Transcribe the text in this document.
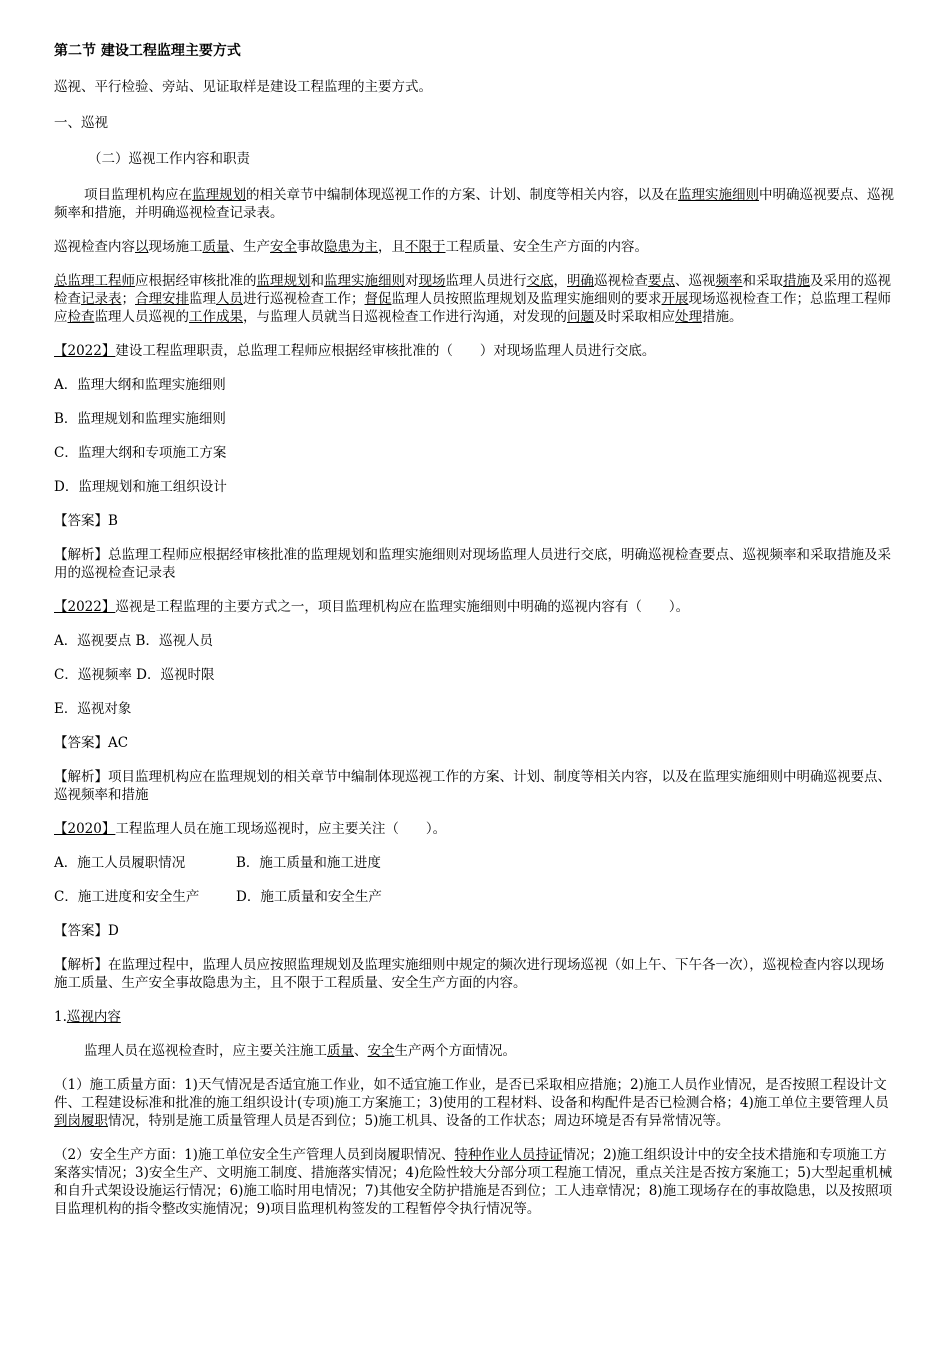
第二节 建设工程监理主要方式

巡视、平行检验、旁站、见证取样是建设工程监理的主要方式。

一、巡视

（二）巡视工作内容和职责

项目监理机构应在监理规划的相关章节中编制体现巡视工作的方案、计划、制度等相关内容，以及在监理实施细则中明确巡视要点、巡视频率和措施，并明确巡视检查记录表。

巡视检查内容以现场施工质量、生产安全事故隐患为主，且不限于工程质量、安全生产方面的内容。

总监理工程师应根据经审核批准的监理规划和监理实施细则对现场监理人员进行交底，明确巡视检查要点、巡视频率和采取措施及采用的巡视检查记录表；合理安排监理人员进行巡视检查工作；督促监理人员按照监理规划及监理实施细则的要求开展现场巡视检查工作；总监理工程师应检查监理人员巡视的工作成果，与监理人员就当日巡视检查工作进行沟通，对发现的问题及时采取相应处理措施。

【2022】建设工程监理职责，总监理工程师应根据经审核批准的（　　）对现场监理人员进行交底。

A．监理大纲和监理实施细则

B．监理规划和监理实施细则

C．监理大纲和专项施工方案

D．监理规划和施工组织设计

【答案】B

【解析】总监理工程师应根据经审核批准的监理规划和监理实施细则对现场监理人员进行交底，明确巡视检查要点、巡视频率和采取措施及采用的巡视检查记录表

【2022】巡视是工程监理的主要方式之一，项目监理机构应在监理实施细则中明确的巡视内容有（　　）。

A．巡视要点 B．巡视人员

C．巡视频率 D．巡视时限

E．巡视对象

【答案】AC

【解析】项目监理机构应在监理规划的相关章节中编制体现巡视工作的方案、计划、制度等相关内容，以及在监理实施细则中明确巡视要点、巡视频率和措施

【2020】工程监理人员在施工现场巡视时，应主要关注（　　）。

A．施工人员履职情况	B．施工质量和施工进度

C．施工进度和安全生产	D．施工质量和安全生产

【答案】D

【解析】在监理过程中，监理人员应按照监理规划及监理实施细则中规定的频次进行现场巡视（如上午、下午各一次），巡视检查内容以现场施工质量、生产安全事故隐患为主，且不限于工程质量、安全生产方面的内容。

1.巡视内容

监理人员在巡视检查时，应主要关注施工质量、安全生产两个方面情况。

（1）施工质量方面：1)天气情况是否适宜施工作业，如不适宜施工作业，是否已采取相应措施；2)施工人员作业情况，是否按照工程设计文件、工程建设标准和批准的施工组织设计(专项)施工方案施工；3)使用的工程材料、设备和构配件是否已检测合格；4)施工单位主要管理人员到岗履职情况，特别是施工质量管理人员是否到位；5)施工机具、设备的工作状态；周边环境是否有异常情况等。

（2）安全生产方面：1)施工单位安全生产管理人员到岗履职情况、特种作业人员持证情况；2)施工组织设计中的安全技术措施和专项施工方案落实情况；3)安全生产、文明施工制度、措施落实情况；4)危险性较大分部分项工程施工情况，重点关注是否按方案施工；5)大型起重机械和自升式架设设施运行情况；6)施工临时用电情况；7)其他安全防护措施是否到位；工人违章情况；8)施工现场存在的事故隐患，以及按照项目监理机构的指令整改实施情况；9)项目监理机构签发的工程暂停令执行情况等。
